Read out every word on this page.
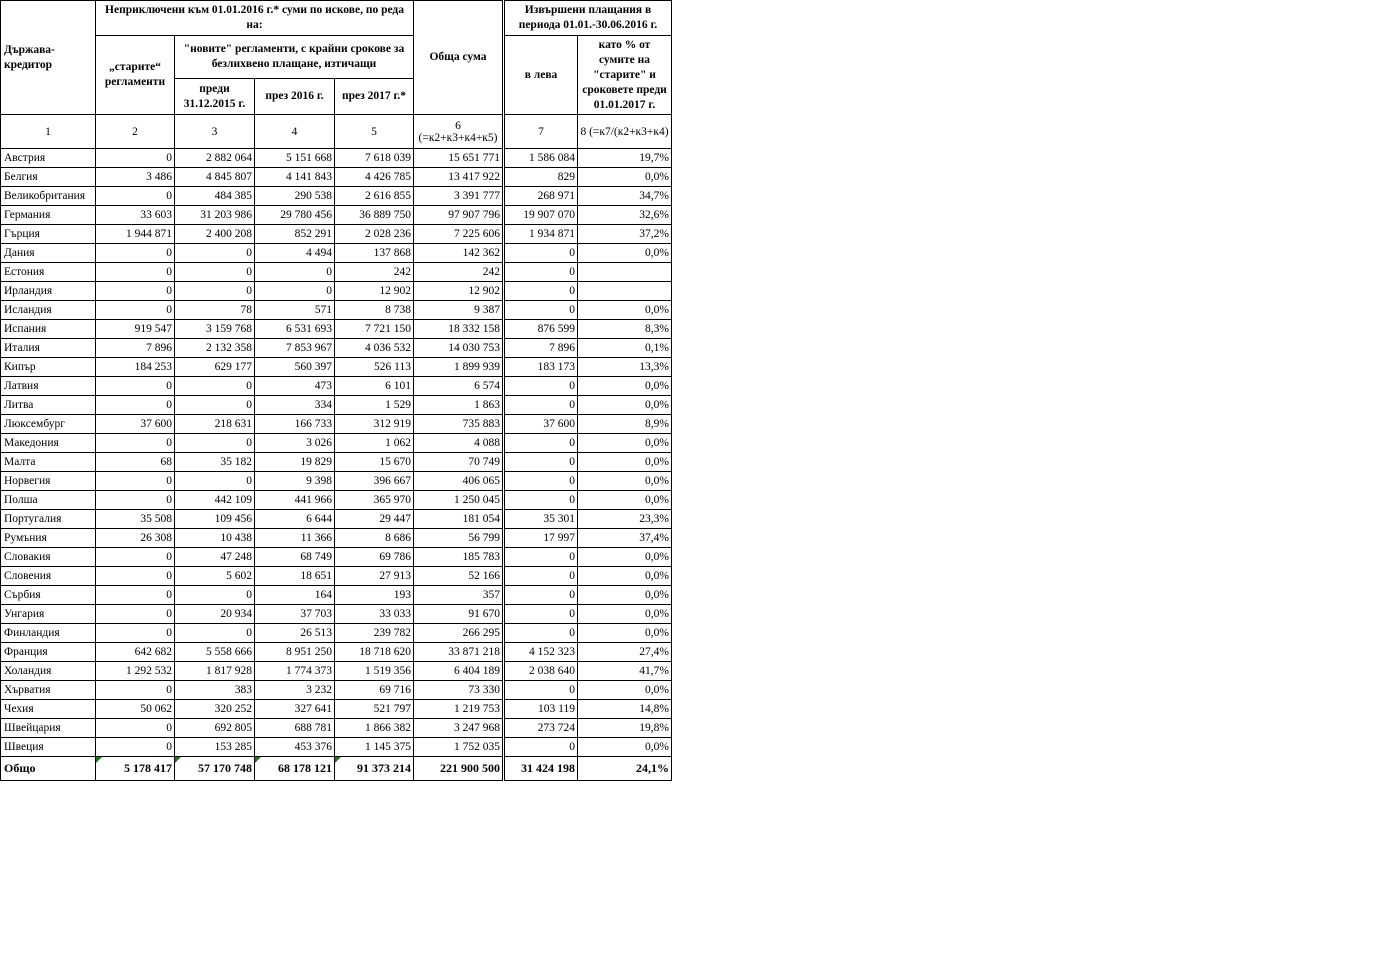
Държава-кредитор	Неприключени към 01.01.2016 г.* суми по искове, по реда на:				Обща сума	Извършени плащания в периода 01.01.-30.06.2016 г.	
	„старите“ регламенти	"новите" регламенти, с крайни срокове за безлихвено плащане, изтичащи				в лева	като % от сумите на "старите" и сроковете преди 01.01.2017 г.
		преди 31.12.2015 г.	през 2016 г.	през 2017 г.*			
1	2	3	4	5	6 (=к2+к3+к4+к5)	7	8 (=к7/(к2+к3+к4)
Австрия	0	2 882 064	5 151 668	7 618 039	15 651 771	1 586 084	19,7%
Белгия	3 486	4 845 807	4 141 843	4 426 785	13 417 922	829	0,0%
Великобритания	0	484 385	290 538	2 616 855	3 391 777	268 971	34,7%
Германия	33 603	31 203 986	29 780 456	36 889 750	97 907 796	19 907 070	32,6%
Гърция	1 944 871	2 400 208	852 291	2 028 236	7 225 606	1 934 871	37,2%
Дания	0	0	4 494	137 868	142 362	0	0,0%
Естония	0	0	0	242	242	0	
Ирландия	0	0	0	12 902	12 902	0	
Исландия	0	78	571	8 738	9 387	0	0,0%
Испания	919 547	3 159 768	6 531 693	7 721 150	18 332 158	876 599	8,3%
Италия	7 896	2 132 358	7 853 967	4 036 532	14 030 753	7 896	0,1%
Кипър	184 253	629 177	560 397	526 113	1 899 939	183 173	13,3%
Латвия	0	0	473	6 101	6 574	0	0,0%
Литва	0	0	334	1 529	1 863	0	0,0%
Люксембург	37 600	218 631	166 733	312 919	735 883	37 600	8,9%
Македония	0	0	3 026	1 062	4 088	0	0,0%
Малта	68	35 182	19 829	15 670	70 749	0	0,0%
Норвегия	0	0	9 398	396 667	406 065	0	0,0%
Полша	0	442 109	441 966	365 970	1 250 045	0	0,0%
Португалия	35 508	109 456	6 644	29 447	181 054	35 301	23,3%
Румъния	26 308	10 438	11 366	8 686	56 799	17 997	37,4%
Словакия	0	47 248	68 749	69 786	185 783	0	0,0%
Словения	0	5 602	18 651	27 913	52 166	0	0,0%
Сърбия	0	0	164	193	357	0	0,0%
Унгария	0	20 934	37 703	33 033	91 670	0	0,0%
Финландия	0	0	26 513	239 782	266 295	0	0,0%
Франция	642 682	5 558 666	8 951 250	18 718 620	33 871 218	4 152 323	27,4%
Холандия	1 292 532	1 817 928	1 774 373	1 519 356	6 404 189	2 038 640	41,7%
Хърватия	0	383	3 232	69 716	73 330	0	0,0%
Чехия	50 062	320 252	327 641	521 797	1 219 753	103 119	14,8%
Швейцария	0	692 805	688 781	1 866 382	3 247 968	273 724	19,8%
Швеция	0	153 285	453 376	1 145 375	1 752 035	0	0,0%
Общо	5 178 417	57 170 748	68 178 121	91 373 214	221 900 500	31 424 198	24,1%
